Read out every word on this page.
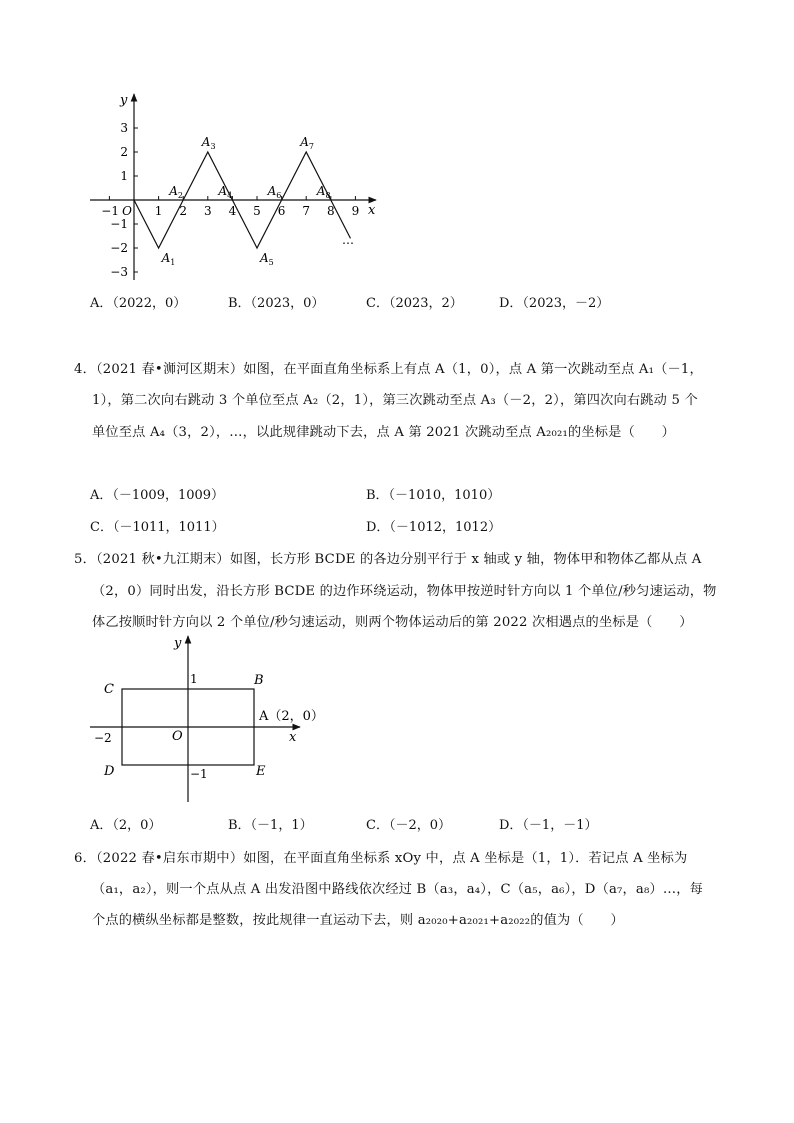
3
2
1
−1
−2
−3
−1 O 1 2 3 4 5 6 7 8 9
$A_1$
$A_2$
$A_3$
$A_4$
$A_5$
$A_6$
$A_7$
$A_8$
y
x
…
A．（2022，0）	B．（2023，0）	C．（2023，2）	D．（2023，－2）
4．（2021 春•浉河区期末）如图，在平面直角坐标系上有点 A（1，0），点 A 第一次跳动至点 A₁（－1，
1），第二次向右跳动 3 个单位至点 A₂（2，1），第三次跳动至点 A₃（－2，2），第四次向右跳动 5 个
单位至点 A₄（3，2），…，以此规律跳动下去，点 A 第 2021 次跳动至点 A₂₀₂₁的坐标是（　　）
A．（－1009，1009）	B．（－1010，1010）
C．（－1011，1011）	D．（－1012，1012）
5．（2021 秋•九江期末）如图，长方形 BCDE 的各边分别平行于 x 轴或 y 轴，物体甲和物体乙都从点 A
（2，0）同时出发，沿长方形 BCDE 的边作环绕运动，物体甲按逆时针方向以 1 个单位/秒匀速运动，物
体乙按顺时针方向以 2 个单位/秒匀速运动，则两个物体运动后的第 2022 次相遇点的坐标是（　　）
y
x
O
C
B
D	E
A（2，0）
1
−1
−2
A．（2，0）	B．（－1，1）	C．（－2，0）	D．（－1，－1）
6．（2022 春•启东市期中）如图，在平面直角坐标系 xOy 中，点 A 坐标是（1，1）．若记点 A 坐标为
（a₁，a₂），则一个点从点 A 出发沿图中路线依次经过 B（a₃，a₄），C（a₅，a₆），D（a₇，a₈）…，每
个点的横纵坐标都是整数，按此规律一直运动下去，则 a₂₀₂₀+a₂₀₂₁+a₂₀₂₂的值为（　　）
